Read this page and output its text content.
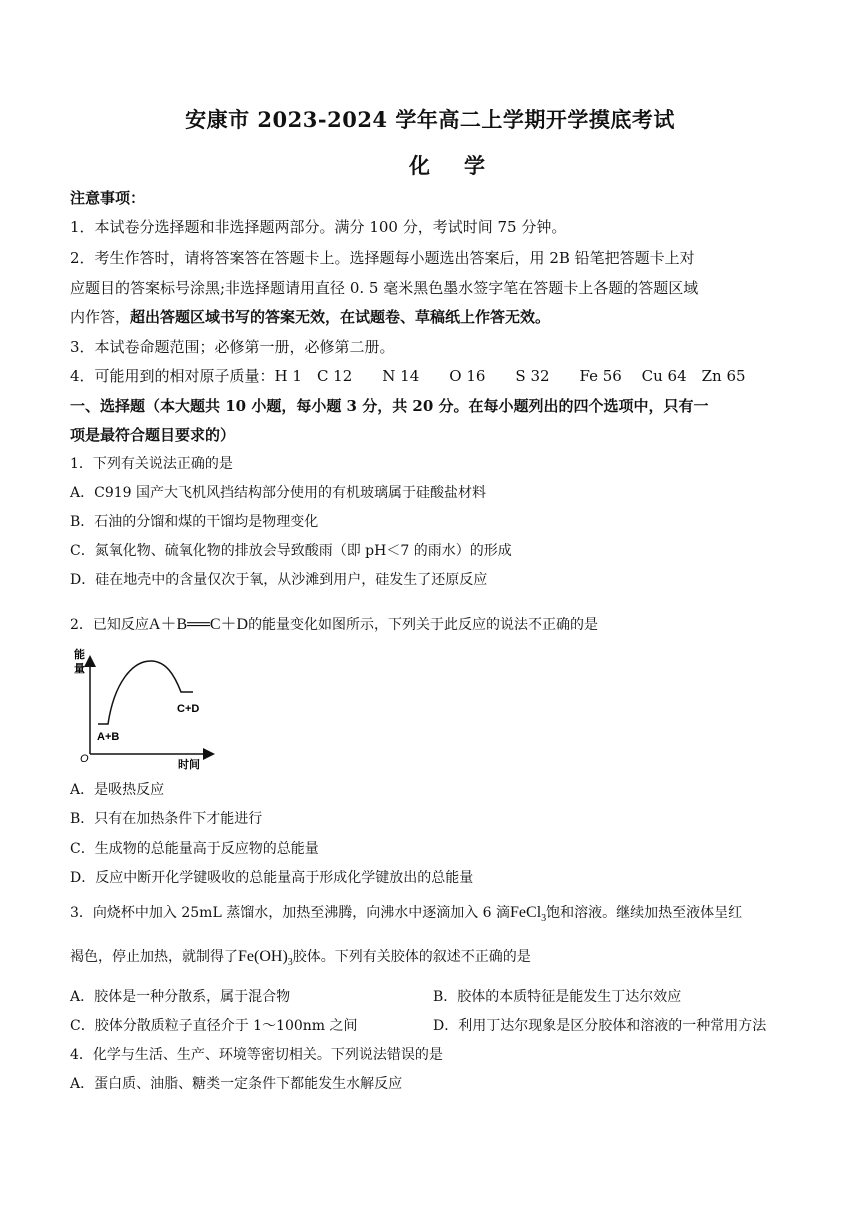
安康市 2023-2024 学年高二上学期开学摸底考试
化学
注意事项：
1．本试卷分选择题和非选择题两部分。满分 100 分，考试时间 75 分钟。
2．考生作答时，请将答案答在答题卡上。选择题每小题选出答案后，用 2B 铅笔把答题卡上对
应题目的答案标号涂黑;非选择题请用直径 0. 5 毫米黑色墨水签字笔在答题卡上各题的答题区域
内作答，超出答题区域书写的答案无效，在试题卷、草稿纸上作答无效。
3．本试卷命题范围；必修第一册，必修第二册。
4．可能用到的相对原子质量：H 1　C 12　　N 14　　O 16　　S 32　　Fe 56　 Cu 64　Zn 65
一、选择题（本大题共 10 小题，每小题 3 分，共 20 分。在每小题列出的四个选项中，只有一
项是最符合题目要求的）
1．下列有关说法正确的是
A．C919 国产大飞机风挡结构部分使用的有机玻璃属于硅酸盐材料
B．石油的分馏和煤的干馏均是物理变化
C．氮氧化物、硫氧化物的排放会导致酸雨（即 pH＜7 的雨水）的形成
D．硅在地壳中的含量仅次于氧，从沙滩到用户，硅发生了还原反应
2．已知反应A＋B══C＋D的能量变化如图所示，下列关于此反应的说法不正确的是
能
量
A+B
C+D
O	时间
A．是吸热反应
B．只有在加热条件下才能进行
C．生成物的总能量高于反应物的总能量
D．反应中断开化学键吸收的总能量高于形成化学键放出的总能量
3．向烧杯中加入 25mL 蒸馏水，加热至沸腾，向沸水中逐滴加入 6 滴FeCl$_3$饱和溶液。继续加热至液体呈红
褐色，停止加热，就制得了$Fe(OH)_3$胶体。下列有关胶体的叙述不正确的是
A．胶体是一种分散系，属于混合物	B．胶体的本质特征是能发生丁达尔效应
C．胶体分散质粒子直径介于 1～100nm 之间	D．利用丁达尔现象是区分胶体和溶液的一种常用方法
4．化学与生活、生产、环境等密切相关。下列说法错误的是
A．蛋白质、油脂、糖类一定条件下都能发生水解反应
